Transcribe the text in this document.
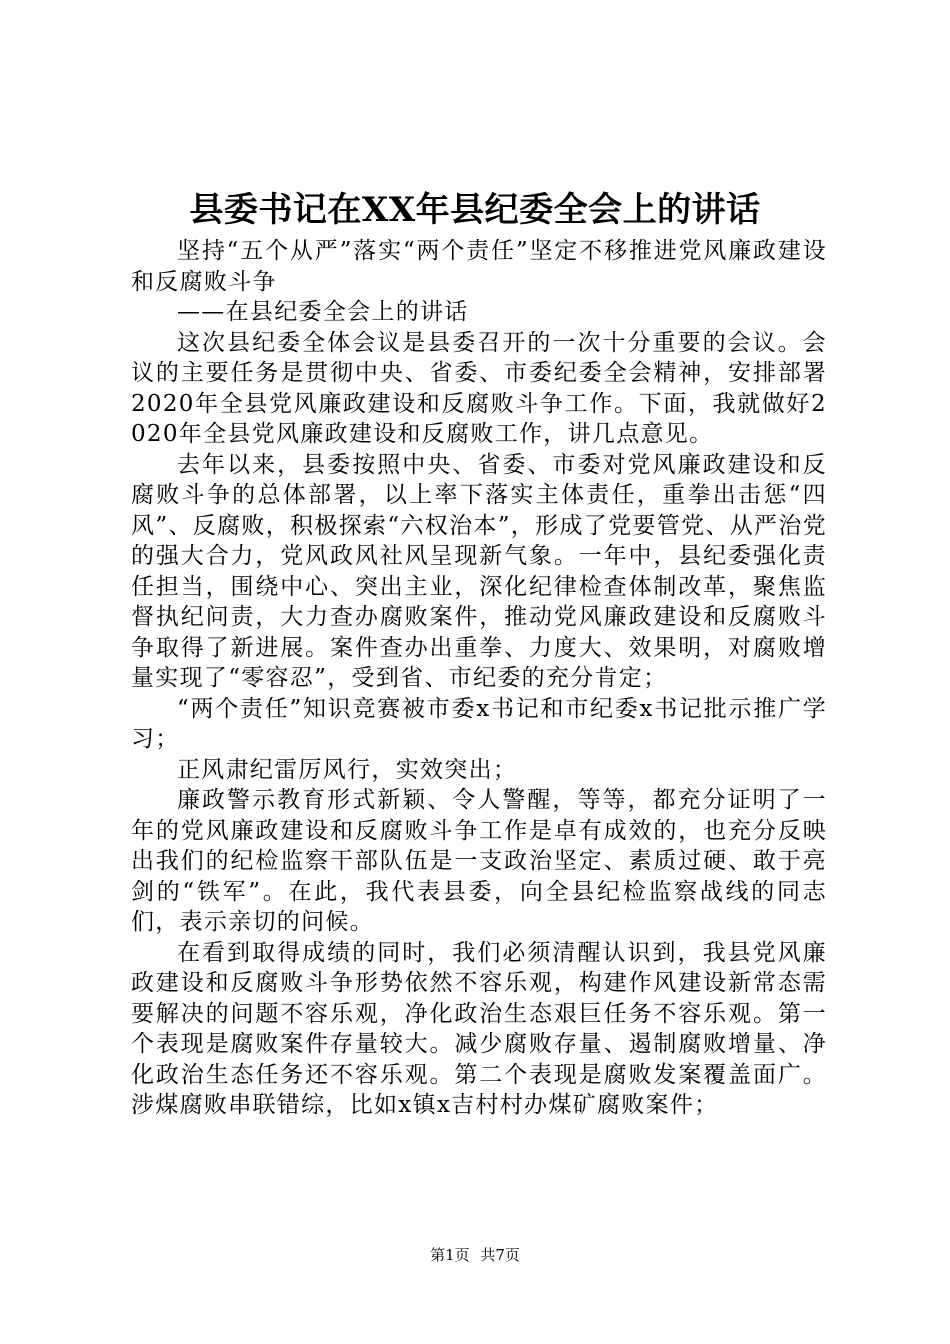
县委书记在XX年县纪委全会上的讲话

坚持“五个从严”落实“两个责任”坚定不移推进党风廉政建设和反腐败斗争

——在县纪委全会上的讲话

这次县纪委全体会议是县委召开的一次十分重要的会议。会议的主要任务是贯彻中央、省委、市委纪委全会精神，安排部署2020年全县党风廉政建设和反腐败斗争工作。下面，我就做好2020年全县党风廉政建设和反腐败工作，讲几点意见。

去年以来，县委按照中央、省委、市委对党风廉政建设和反腐败斗争的总体部署，以上率下落实主体责任，重拳出击惩“四风”、反腐败，积极探索“六权治本”，形成了党要管党、从严治党的强大合力，党风政风社风呈现新气象。一年中，县纪委强化责任担当，围绕中心、突出主业，深化纪律检查体制改革，聚焦监督执纪问责，大力查办腐败案件，推动党风廉政建设和反腐败斗争取得了新进展。案件查办出重拳、力度大、效果明，对腐败增量实现了“零容忍”，受到省、市纪委的充分肯定；

“两个责任”知识竞赛被市委x书记和市纪委x书记批示推广学习；

正风肃纪雷厉风行，实效突出；

廉政警示教育形式新颖、令人警醒，等等，都充分证明了一年的党风廉政建设和反腐败斗争工作是卓有成效的，也充分反映出我们的纪检监察干部队伍是一支政治坚定、素质过硬、敢于亮剑的“铁军”。在此，我代表县委，向全县纪检监察战线的同志们，表示亲切的问候。

在看到取得成绩的同时，我们必须清醒认识到，我县党风廉政建设和反腐败斗争形势依然不容乐观，构建作风建设新常态需要解决的问题不容乐观，净化政治生态艰巨任务不容乐观。第一个表现是腐败案件存量较大。减少腐败存量、遏制腐败增量、净化政治生态任务还不容乐观。第二个表现是腐败发案覆盖面广。涉煤腐败串联错综，比如x镇x吉村村办煤矿腐败案件；

第1页 共7页
